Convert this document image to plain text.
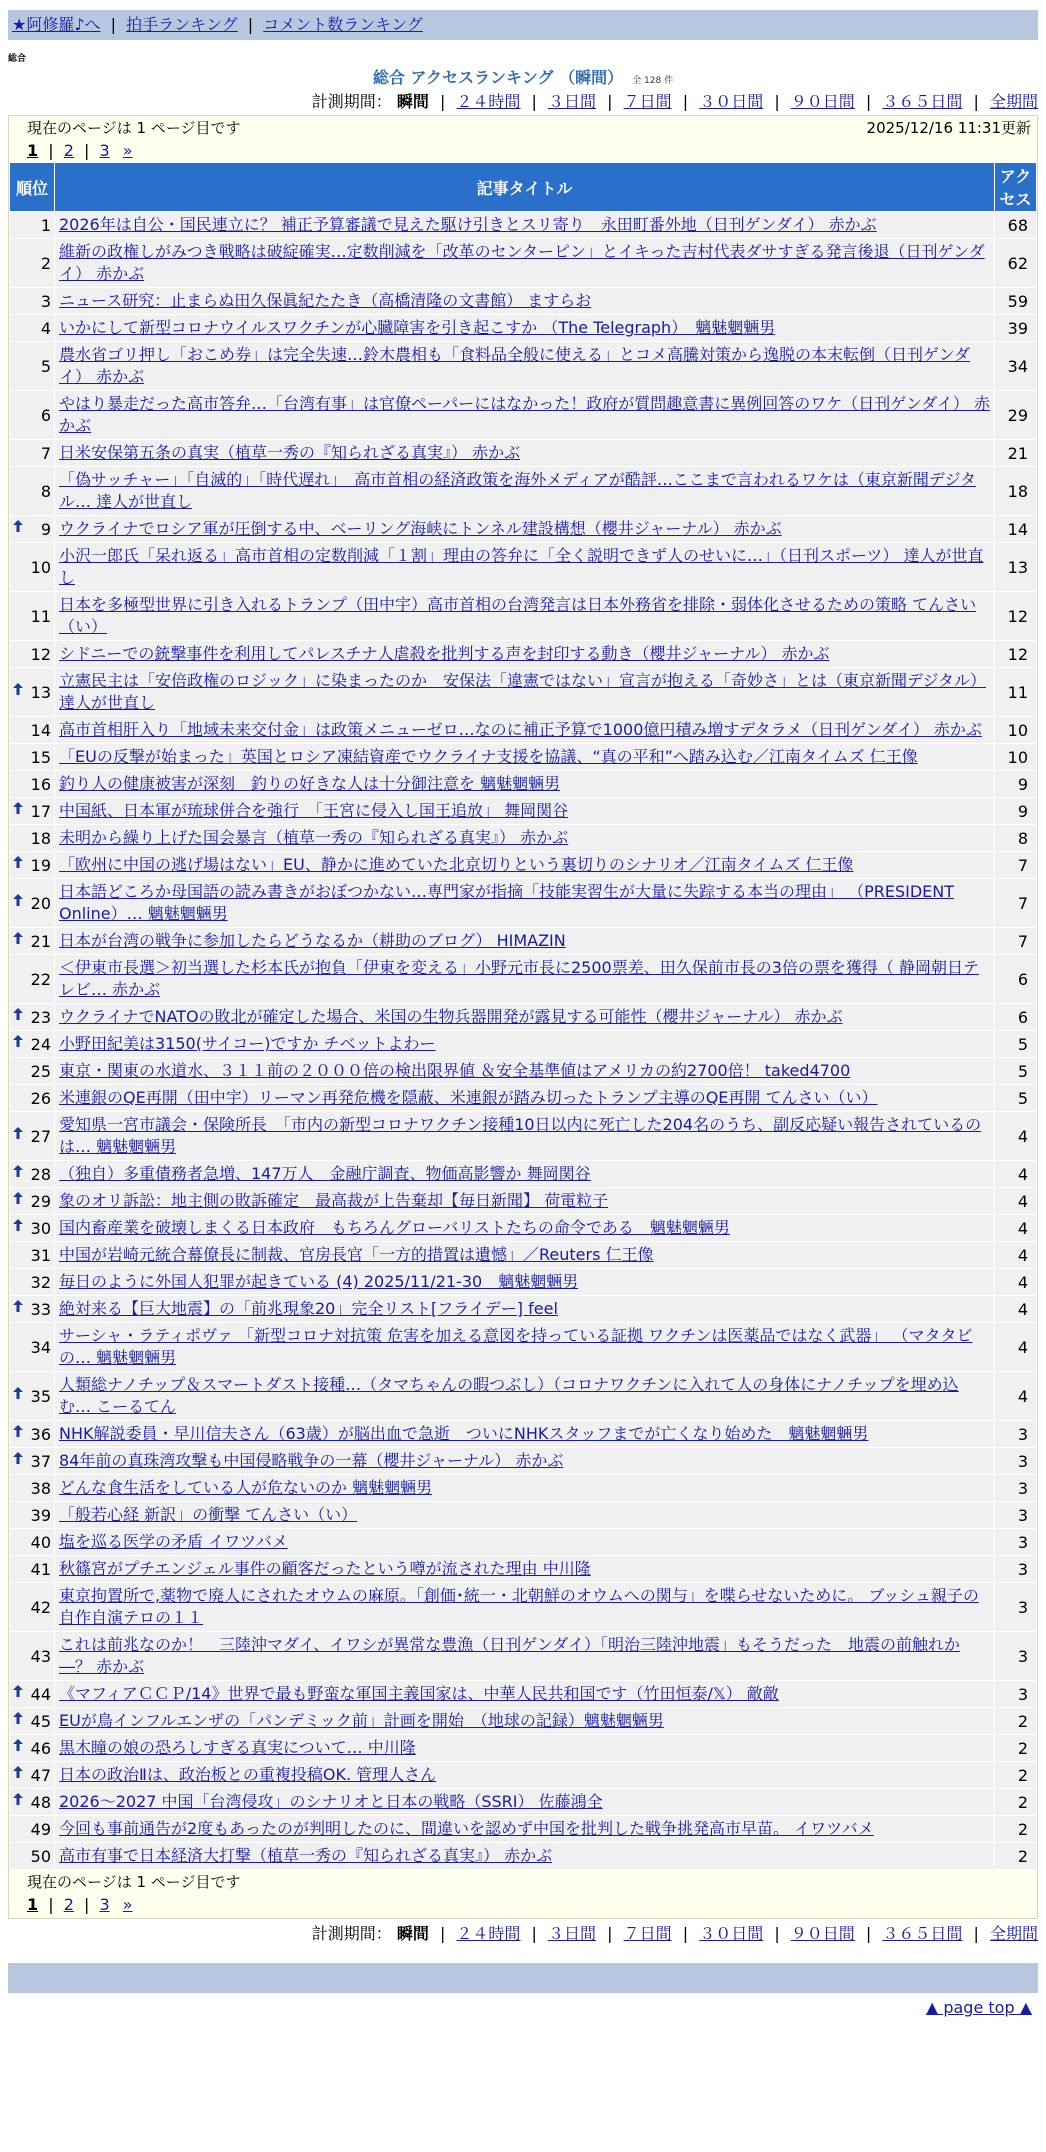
★阿修羅♪へ | 拍手ランキング | コメント数ランキング
総合
総合 アクセスランキング （瞬間） 全 128 件
計測期間： 瞬間 | ２４時間 | ３日間 | ７日間 | ３０日間 | ９０日間 | ３６５日間 | 全期間
現在のページは 1 ページ目です	2025/12/16 11:31更新
1 | 2 | 3 »
順位	記事タイトル	アクセス
1	2026年は自公・国民連立に？ 補正予算審議で見えた駆け引きとスリ寄り　永田町番外地（日刊ゲンダイ） 赤かぶ	68
2	維新の政権しがみつき戦略は破綻確実…定数削減を「改革のセンターピン」とイキった吉村代表ダサすぎる発言後退（日刊ゲンダイ） 赤かぶ	62
3	ニュース研究：止まらぬ田久保眞紀たたき（高橋清隆の文書館） ますらお	59
4	いかにして新型コロナウイルスワクチンが心臓障害を引き起こすか （The Telegraph）　魑魅魍魎男	39
5	農水省ゴリ押し「おこめ券」は完全失速…鈴木農相も「食料品全般に使える」とコメ高騰対策から逸脱の本末転倒（日刊ゲンダイ） 赤かぶ	34
6	やはり暴走だった高市答弁…「台湾有事」は官僚ペーパーにはなかった！政府が質問趣意書に異例回答のワケ（日刊ゲンダイ） 赤かぶ	29
7	日米安保第五条の真実（植草一秀の『知られざる真実』） 赤かぶ	21
8	「偽サッチャー」「自滅的」「時代遅れ」　高市首相の経済政策を海外メディアが酷評…ここまで言われるワケは（東京新聞デジタル… 達人が世直し	18

9	ウクライナでロシア軍が圧倒する中、ベーリング海峡にトンネル建設構想（櫻井ジャーナル） 赤かぶ	14
10	小沢一郎氏「呆れ返る」高市首相の定数削減「１割」理由の答弁に「全く説明できず人のせいに…」（日刊スポーツ） 達人が世直し	13
11	日本を多極型世界に引き入れるトランプ（田中宇）高市首相の台湾発言は日本外務省を排除・弱体化させるための策略 てんさい（い）	12
12	シドニーでの銃撃事件を利用してパレスチナ人虐殺を批判する声を封印する動き（櫻井ジャーナル） 赤かぶ	12

13	立憲民主は「安倍政権のロジック」に染まったのか　安保法「違憲ではない」宣言が抱える「奇妙さ」とは（東京新聞デジタル） 達人が世直し	11
14	高市首相肝入り「地域未来交付金」は政策メニューゼロ…なのに補正予算で1000億円積み増すデタラメ（日刊ゲンダイ） 赤かぶ	10
15	「EUの反撃が始まった」英国とロシア凍結資産でウクライナ支援を協議、“真の平和”へ踏み込む／江南タイムズ 仁王像	10
16	釣り人の健康被害が深刻　釣りの好きな人は十分御注意を 魑魅魍魎男	9

17	中国紙、日本軍が琉球併合を強行　「王宮に侵入し国王追放」 舞岡関谷	9
18	未明から繰り上げた国会暴言（植草一秀の『知られざる真実』） 赤かぶ	8

19	「欧州に中国の逃げ場はない」EU、静かに進めていた北京切りという裏切りのシナリオ／江南タイムズ 仁王像	7

20	日本語どころか母国語の読み書きがおぼつかない…専門家が指摘「技能実習生が大量に失踪する本当の理由」 （PRESIDENT Online）… 魑魅魍魎男	7

21	日本が台湾の戦争に参加したらどうなるか（耕助のブログ） HIMAZIN	7
22	＜伊東市長選＞初当選した杉本氏が抱負「伊東を変える」小野元市長に2500票差、田久保前市長の3倍の票を獲得（ 静岡朝日テレビ… 赤かぶ	6

23	ウクライナでNATOの敗北が確定した場合、米国の生物兵器開発が露見する可能性（櫻井ジャーナル） 赤かぶ	6

24	小野田紀美は3150(サイコー)ですか チベットよわー	5
25	東京・関東の水道水、３１１前の２０００倍の検出限界値 ＆安全基準値はアメリカの約2700倍！ taked4700	5
26	米連銀のQE再開（田中宇）リーマン再発危機を隠蔽、米連銀が踏み切ったトランプ主導のQE再開 てんさい（い）	5

27	愛知県一宮市議会・保険所長　「市内の新型コロナワクチン接種10日以内に死亡した204名のうち、副反応疑い報告されているのは… 魑魅魍魎男	4

28	（独自）多重債務者急増、147万人　金融庁調査、物価高影響か 舞岡関谷	4

29	象のオリ訴訟：地主側の敗訴確定　最高裁が上告棄却【毎日新聞】 荷電粒子	4

30	国内畜産業を破壊しまくる日本政府　もちろんグローバリストたちの命令である　魑魅魍魎男	4
31	中国が岩崎元統合幕僚長に制裁、官房長官「一方的措置は遺憾」／Reuters 仁王像	4
32	毎日のように外国人犯罪が起きている (4) 2025/11/21-30　魑魅魍魎男	4

33	絶対来る【巨大地震】の「前兆現象20」完全リスト[フライデー] feel	4
34	サーシャ・ラティポヴァ 「新型コロナ対抗策 危害を加える意図を持っている証拠 ワクチンは医薬品ではなく武器」 （マタタビの… 魑魅魍魎男	4

35	人類総ナノチップ＆スマートダスト接種…（タマちゃんの暇つぶし）（コロナワクチンに入れて人の身体にナノチップを埋め込む… こーるてん	4

36	NHK解説委員・早川信夫さん（63歳）が脳出血で急逝　ついにNHKスタッフまでが亡くなり始めた　魑魅魍魎男	3

37	84年前の真珠湾攻撃も中国侵略戦争の一幕（櫻井ジャーナル） 赤かぶ	3
38	どんな食生活をしている人が危ないのか 魑魅魍魎男	3
39	「般若心経 新訳」の衝撃 てんさい（い）	3
40	塩を巡る医学の矛盾 イワツバメ	3
41	秋篠宮がプチエンジェル事件の顧客だったという噂が流された理由 中川隆	3
42	東京拘置所で,薬物で廃人にされたオウムの麻原。「創価･統一・北朝鮮のオウムへの関与」を喋らせないために。 ブッシュ親子の自作自演テロの１１	3
43	これは前兆なのか！　三陸沖マダイ、イワシが異常な豊漁（日刊ゲンダイ）「明治三陸沖地震」もそうだった　地震の前触れか―？ 赤かぶ	3

44	《マフィアＣＣＰ/14》世界で最も野蛮な軍国主義国家は、中華人民共和国です（竹田恒泰/𝕏） 敵敵	3

45	EUが鳥インフルエンザの「パンデミック前」計画を開始　（地球の記録）魑魅魍魎男	2

46	黒木瞳の娘の恐ろしすぎる真実について… 中川隆	2

47	日本の政治Ⅱは、政治板との重複投稿OK. 管理人さん	2

48	2026～2027 中国「台湾侵攻」のシナリオと日本の戦略（SSRI） 佐藤鴻全	2
49	今回も事前通告が2度もあったのが判明したのに、間違いを認めず中国を批判した戦争挑発高市早苗。 イワツバメ	2
50	高市有事で日本経済大打撃（植草一秀の『知られざる真実』） 赤かぶ	2
現在のページは 1 ページ目です
1 | 2 | 3 »
計測期間： 瞬間 | ２４時間 | ３日間 | ７日間 | ３０日間 | ９０日間 | ３６５日間 | 全期間
▲ page top ▲
